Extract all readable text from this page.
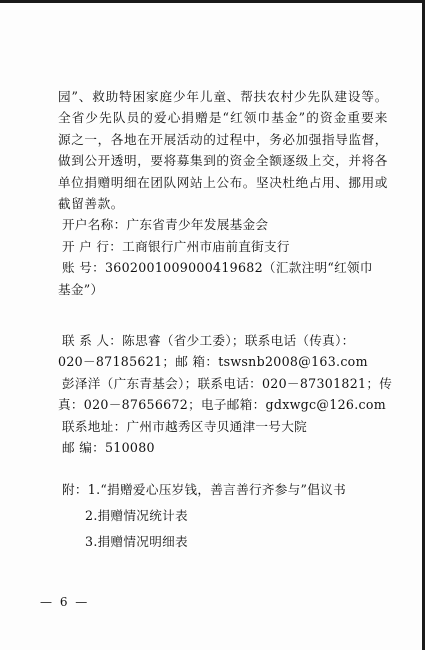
园”、救助特困家庭少年儿童、帮扶农村少先队建设等。全省少先队员的爱心捐赠是“红领巾基金”的资金重要来源之一，各地在开展活动的过程中，务必加强指导监督，做到公开透明，要将募集到的资金全额逐级上交，并将各单位捐赠明细在团队网站上公布。坚决杜绝占用、挪用或截留善款。
开户名称：广东省青少年发展基金会
开 户 行：工商银行广州市庙前直街支行
账 号：3602001009000419682（汇款注明“红领巾
基金”）
联 系 人：陈思睿（省少工委）；联系电话（传真）：
020－87185621；邮 箱：tswsnb2008@163.com
彭泽洋（广东青基会）；联系电话：020－87301821；传
真：020－87656672；电子邮箱：gdxwgc@126.com
联系地址：广州市越秀区寺贝通津一号大院
邮 编：510080
附：1.“捐赠爱心压岁钱，善言善行齐参与”倡议书
2.捐赠情况统计表
3.捐赠情况明细表
— 6 —
